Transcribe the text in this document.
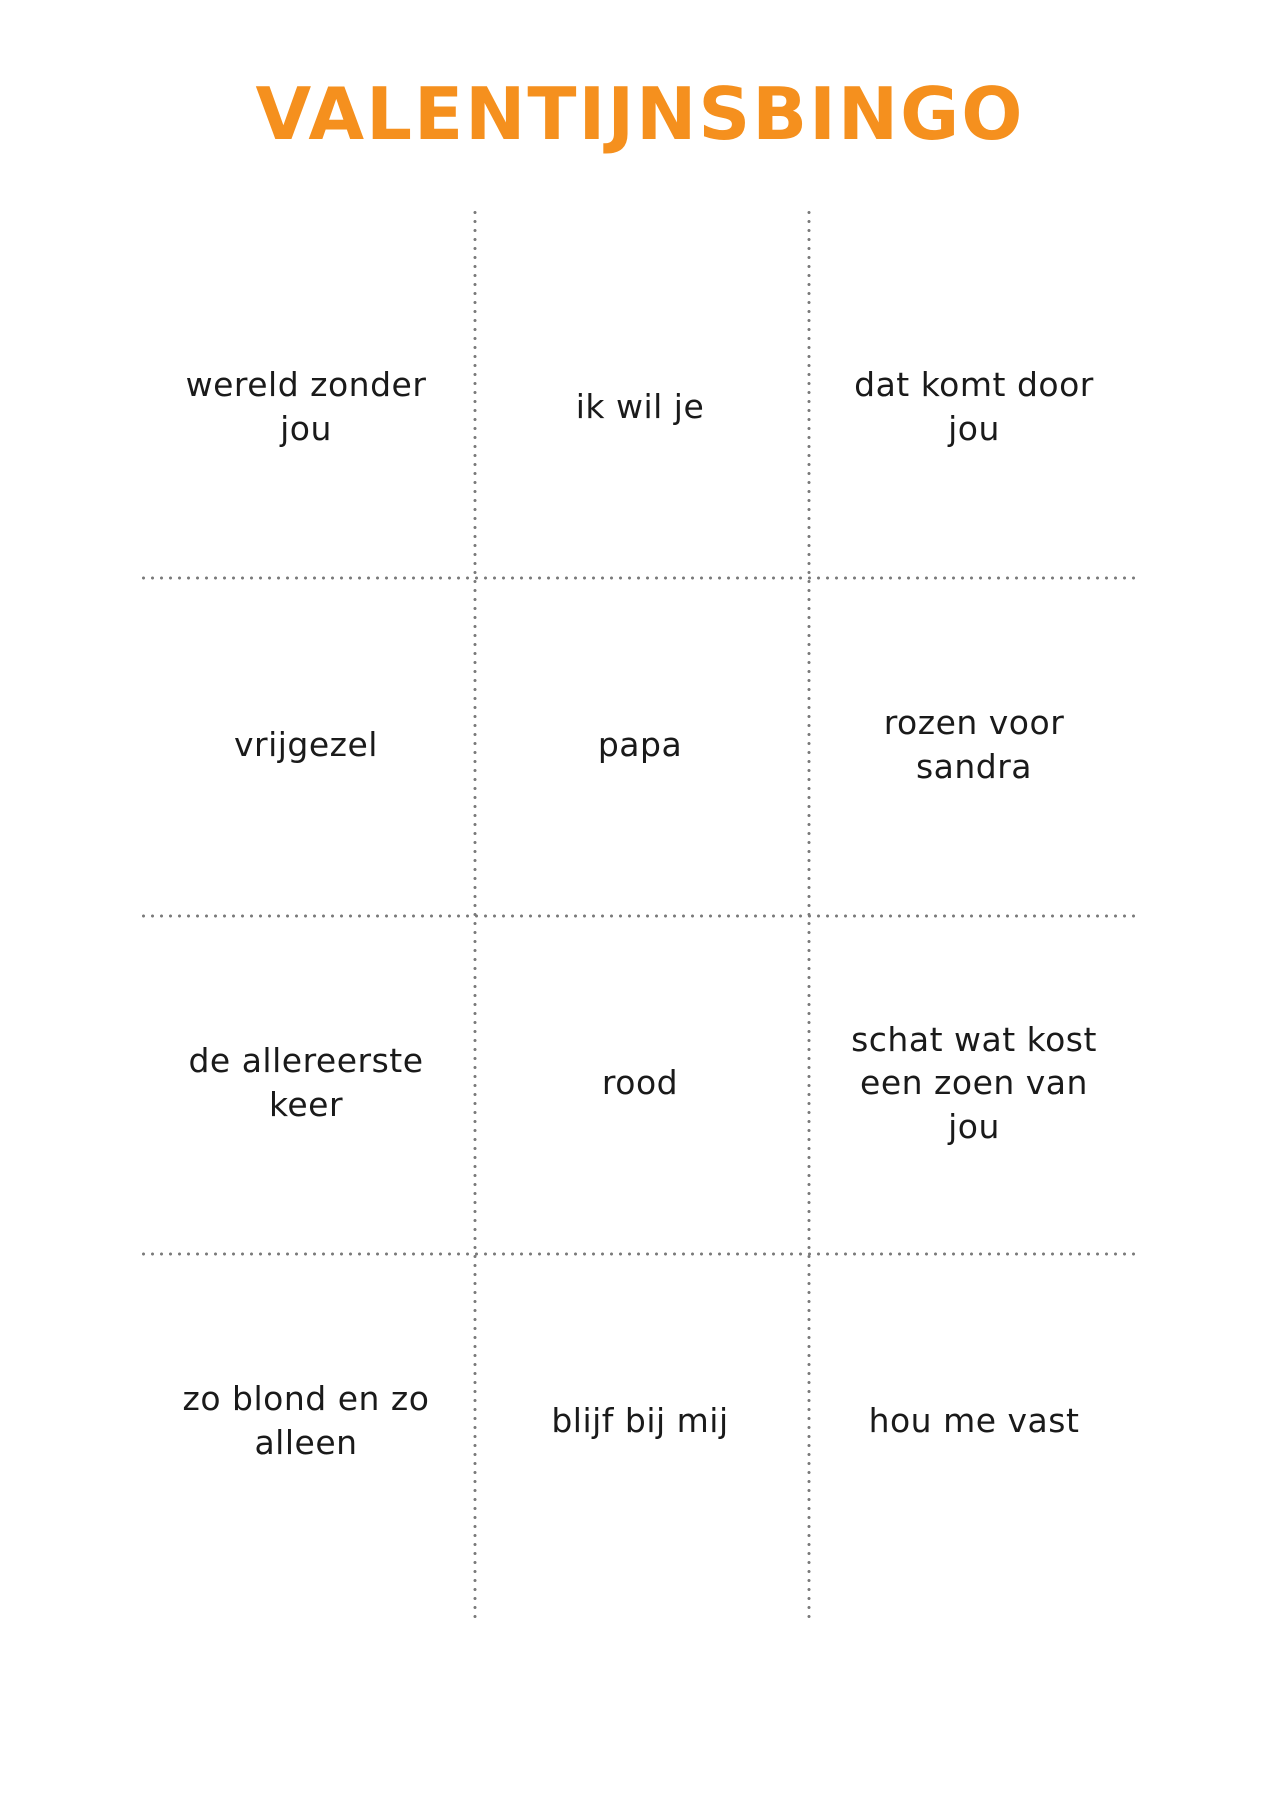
VALENTIJNSBINGO
wereld zonder jou
ik wil je
dat komt door jou
vrijgezel	papa
rozen voor sandra
de allereerste keer
rood
schat wat kost een zoen van jou
zo blond en zo alleen
blijf bij mij	hou me vast
